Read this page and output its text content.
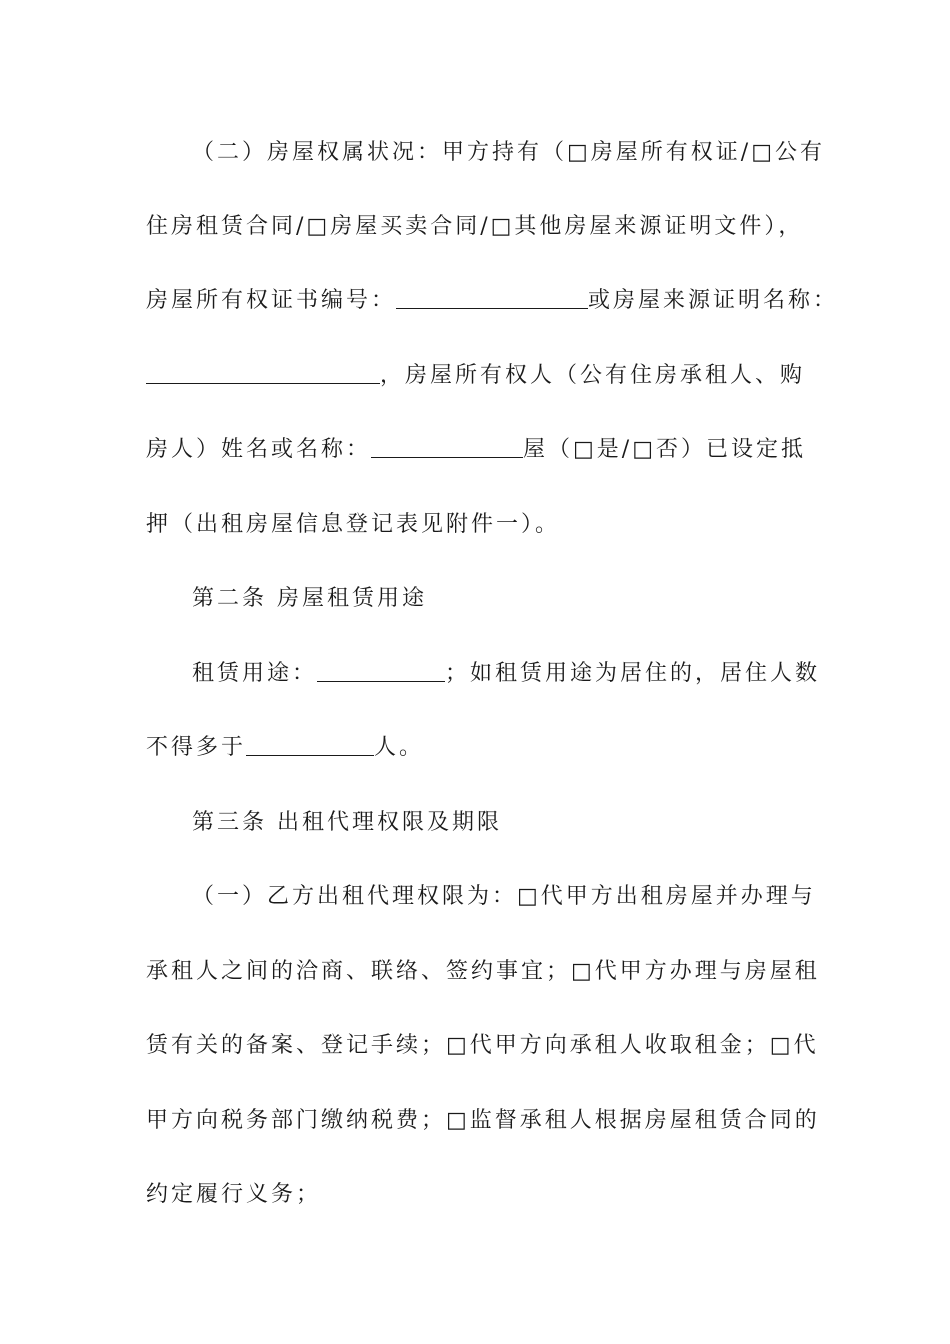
（二）房屋权属状况：甲方持有（□房屋所有权证/□公有
住房租赁合同/□房屋买卖合同/□其他房屋来源证明文件），
房屋所有权证书编号：	或房屋来源证明名称：
，房屋所有权人（公有住房承租人、购
房人）姓名或名称：	屋（□是/□否）已设定抵
押（出租房屋信息登记表见附件一）。
第二条 房屋租赁用途
租赁用途：	；如租赁用途为居住的，居住人数
不得多于	人。
第三条 出租代理权限及期限
（一）乙方出租代理权限为：□代甲方出租房屋并办理与
承租人之间的洽商、联络、签约事宜；□代甲方办理与房屋租
赁有关的备案、登记手续；□代甲方向承租人收取租金；□代
甲方向税务部门缴纳税费；□监督承租人根据房屋租赁合同的
约定履行义务；
